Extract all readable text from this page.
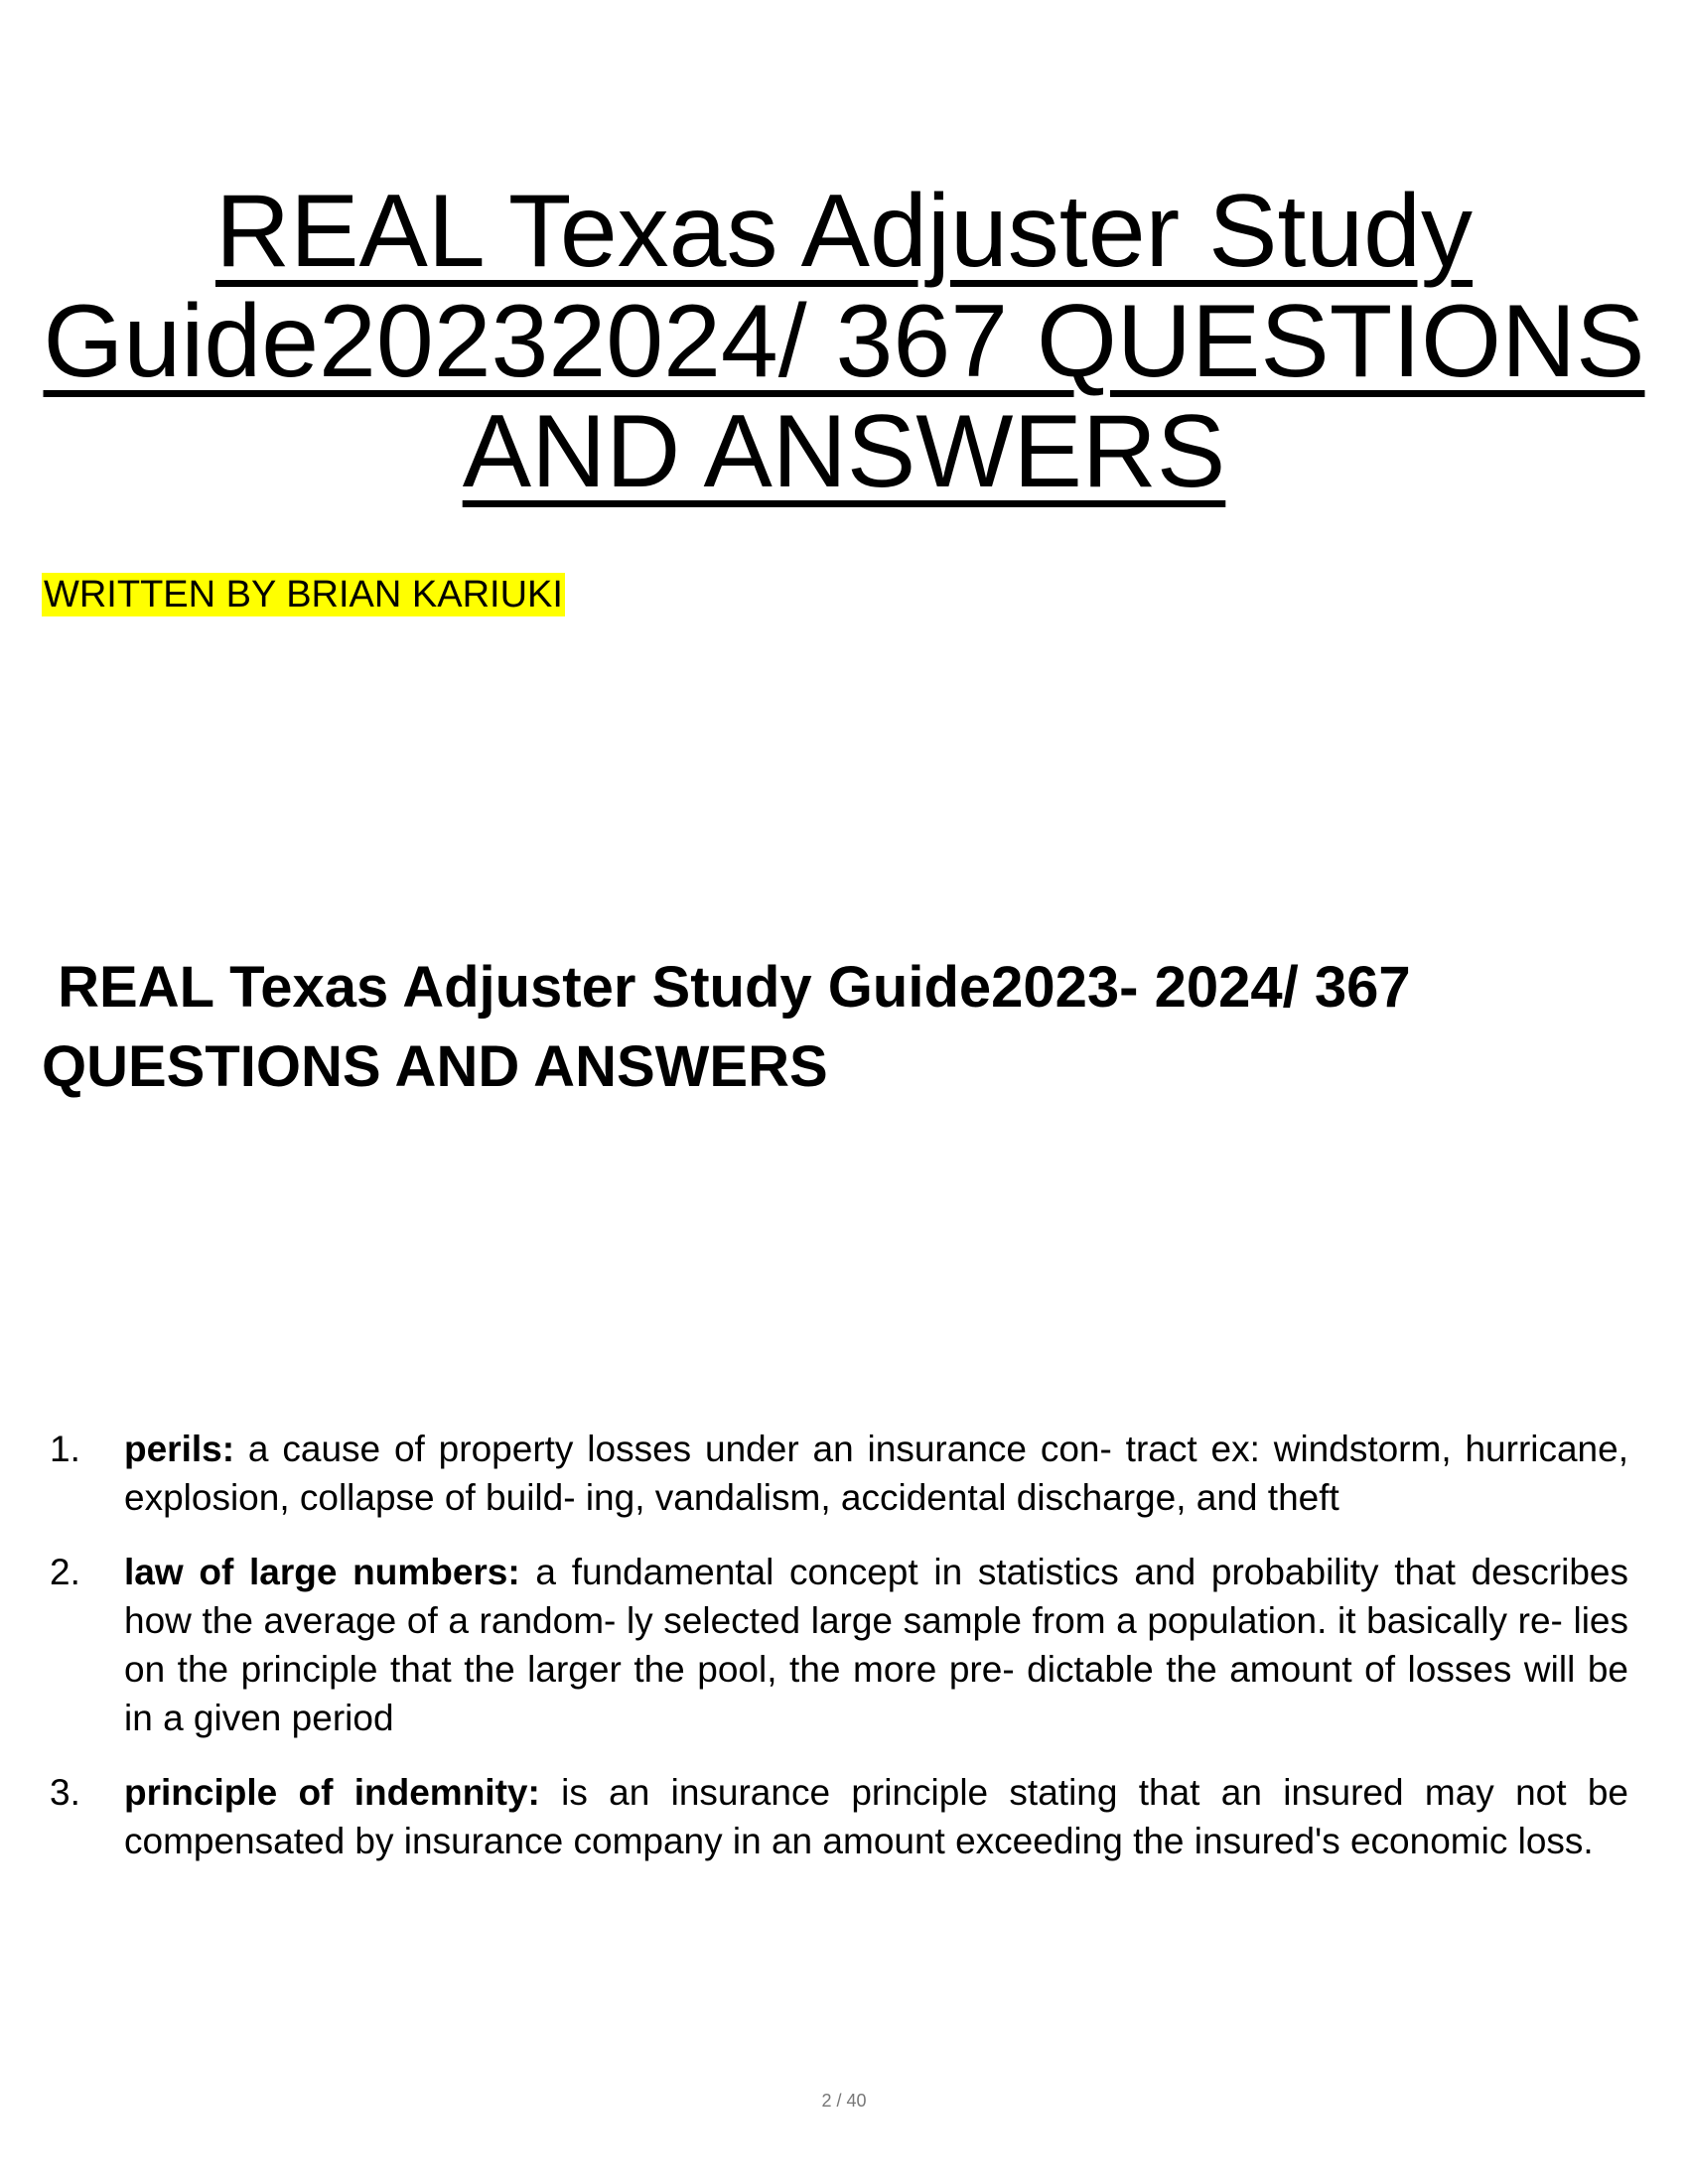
REAL Texas Adjuster Study
Guide20232024/ 367 QUESTIONS
AND ANSWERS
WRITTEN BY BRIAN KARIUKI
REAL Texas Adjuster Study Guide2023- 2024/ 367 QUESTIONS AND ANSWERS
1.	perils: a cause of property losses under an insurance con- tract ex: windstorm, hurricane, explosion, collapse of build- ing, vandalism, accidental discharge, and theft
2.	law of large numbers: a fundamental concept in statistics and probability that describes how the average of a random- ly selected large sample from a population. it basically re- lies on the principle that the larger the pool, the more pre- dictable the amount of losses will be in a given period
3.	principle of indemnity: is an insurance principle stating that an insured may not be compensated by insurance company in an amount exceeding the insured's economic loss.
2 / 40
